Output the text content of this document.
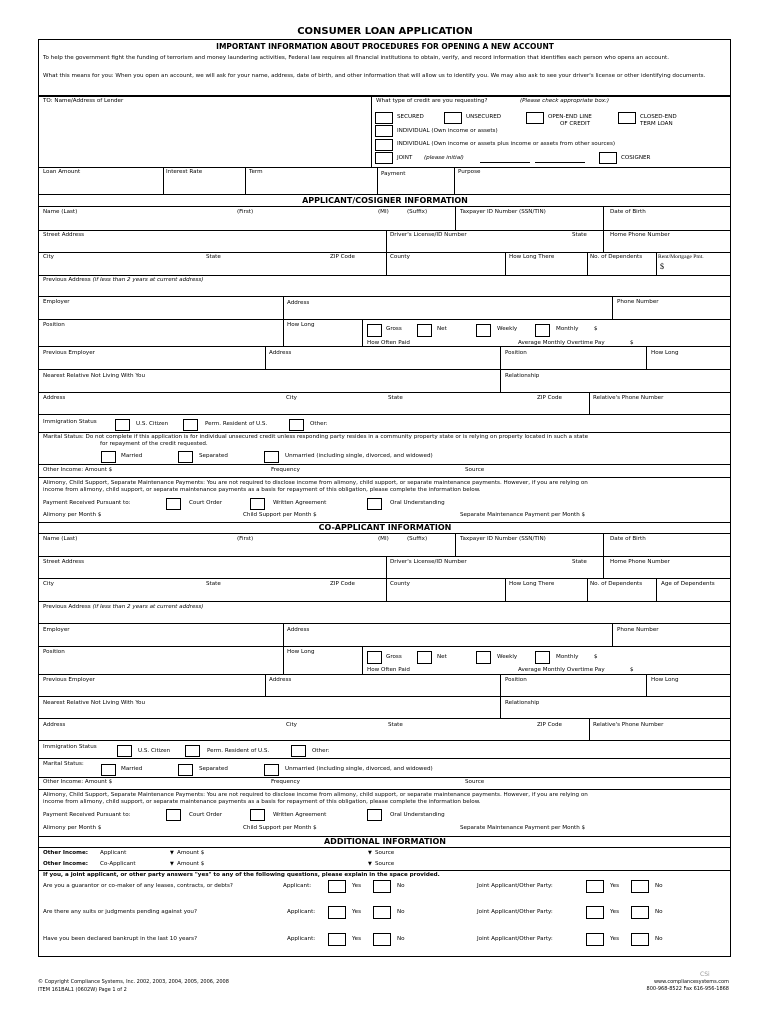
CONSUMER LOAN APPLICATION
IMPORTANT INFORMATION ABOUT PROCEDURES FOR OPENING A NEW ACCOUNT
To help the government fight the funding of terrorism and money laundering activities, Federal law requires all financial institutions to obtain, verify, and record information that identifies each person who opens an account.
What this means for you: When you open an account, we will ask for your name, address, date of birth, and other information that will allow us to identify you. We may also ask to see your driver's license or other identifying documents.
TO: Name/Address of Lender	What type of credit are you requesting?	(Please check appropriate box:)
SECURED	UNSECURED	OPEN-END LINE
OF CREDIT
CLOSED-END
TERM LOAN
INDIVIDUAL (Own income or assets)
INDIVIDUAL (Own income or assets plus income or assets from other sources)
JOINT (please initial)	COSIGNER
Loan Amount	Interest Rate	Term	Payment	Purpose
APPLICANT/COSIGNER INFORMATION
Name (Last)	(First)	(MI)	(Suffix)	Taxpayer ID Number (SSN/TIN)	Date of Birth
Street Address	Driver's License/ID Number	State	Home Phone Number
City	State	ZIP Code	County	How Long There	No. of Dependents	Rent/Mortgage Pmt.
$
Previous Address (if less than 2 years at current address)
Employer	Address	Phone Number
Position	How Long
Gross	Net	Weekly	Monthly	$
How Often Paid	Average Monthly Overtime Pay	$
Previous Employer	Address	Position	How Long
Nearest Relative Not Living With You	Relationship
Address	City	State	ZIP Code	Relative's Phone Number
Immigration Status	U.S. Citizen	Perm. Resident of U.S.	Other:
Marital Status: Do not complete if this application is for individual unsecured credit unless responding party resides in a community property state or is relying on property located in such a state
for repayment of the credit requested.
Married	Separated	Unmarried (including single, divorced, and widowed)
Other Income: Amount $	Frequency	Source
Alimony, Child Support, Separate Maintenance Payments: You are not required to disclose income from alimony, child support, or separate maintenance payments. However, if you are relying on
income from alimony, child support, or separate maintenance payments as a basis for repayment of this obligation, please complete the information below.
Payment Received Pursuant to:	Court Order	Written Agreement	Oral Understanding
Alimony per Month $	Child Support per Month $	Separate Maintenance Payment per Month $
CO-APPLICANT INFORMATION
Name (Last)	(First)	(MI)	(Suffix)	Taxpayer ID Number (SSN/TIN)	Date of Birth
Street Address	Driver's License/ID Number	State	Home Phone Number
City	State	ZIP Code	County	How Long There	No. of Dependents	Age of Dependents
Previous Address (if less than 2 years at current address)
Employer	Address	Phone Number
Position	How Long
Gross	Net	Weekly	Monthly	$
How Often Paid	Average Monthly Overtime Pay	$
Previous Employer	Address	Position	How Long
Nearest Relative Not Living With You	Relationship
Address	City	State	ZIP Code	Relative's Phone Number
Immigration Status
U.S. Citizen	Perm. Resident of U.S.	Other:
Marital Status:
Married	Separated	Unmarried (including single, divorced, and widowed)
Other Income: Amount $	Frequency	Source
Alimony, Child Support, Separate Maintenance Payments: You are not required to disclose income from alimony, child support, or separate maintenance payments. However, if you are relying on
income from alimony, child support, or separate maintenance payments as a basis for repayment of this obligation, please complete the information below.
Payment Received Pursuant to:	Court Order	Written Agreement	Oral Understanding
Alimony per Month $	Child Support per Month $	Separate Maintenance Payment per Month $
ADDITIONAL INFORMATION
Other Income: Applicant	▼ Amount $	▼ Source
Other Income: Co-Applicant	▼ Amount $	▼ Source
If you, a joint applicant, or other party answers "yes" to any of the following questions, please explain in the space provided.
Are you a guarantor or co-maker of any leases, contracts, or debts?	Applicant:	Yes	No	Joint Applicant/Other Party:	Yes	No
Are there any suits or judgments pending against you?	Applicant:	Yes	No	Joint Applicant/Other Party:	Yes	No
Have you been declared bankrupt in the last 10 years?	Applicant:	Yes	No	Joint Applicant/Other Party:	Yes	No
© Copyright Compliance Systems, Inc. 2002, 2003, 2004, 2005, 2006, 2008
ITEM 161BAL1 (0602W) Page 1 of 2
CSi
www.compliancesystems.com
800-968-8522 Fax 616-956-1868
